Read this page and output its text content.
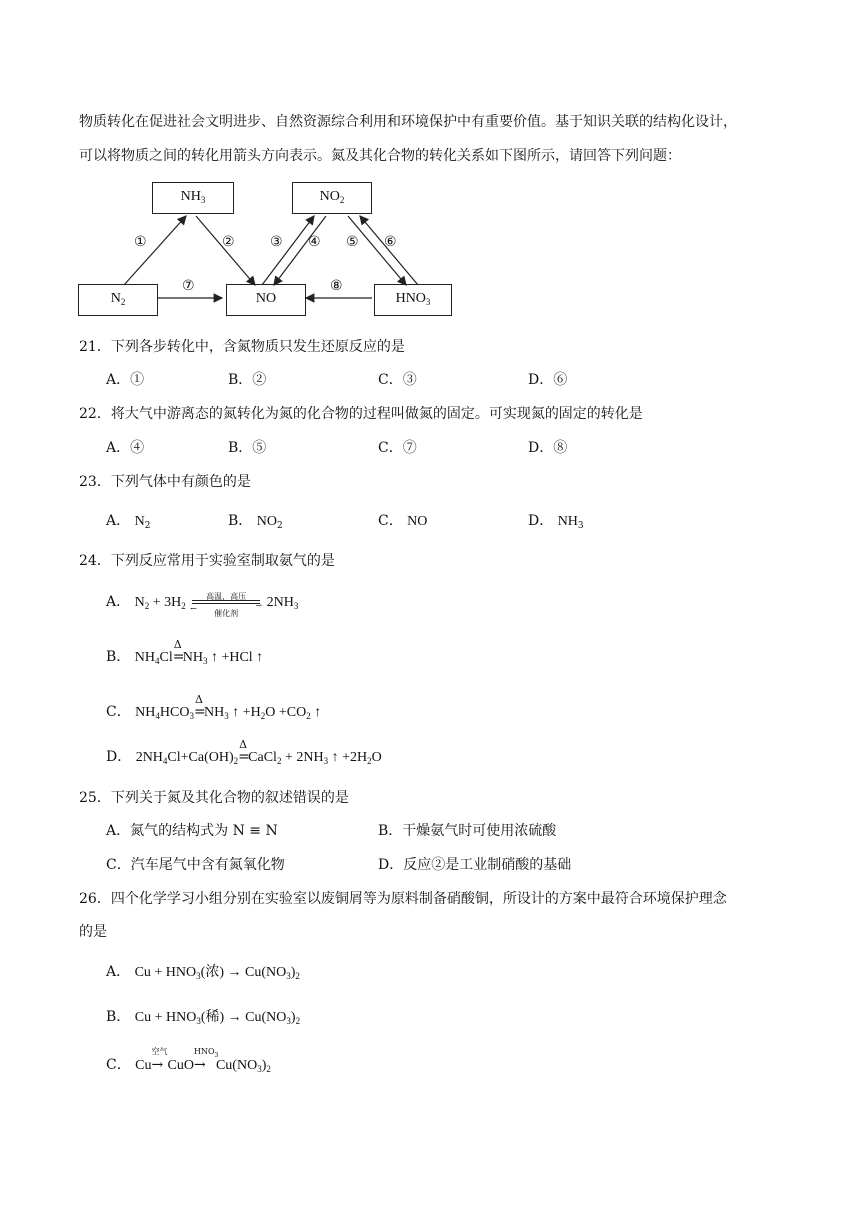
物质转化在促进社会文明进步、自然资源综合利用和环境保护中有重要价值。基于知识关联的结构化设计，
可以将物质之间的转化用箭头方向表示。氮及其化合物的转化关系如下图所示，请回答下列问题：
$NH_3$	$NO_2$
$N_2$	NO	$HNO_3$
①	②	③ ④ ⑤ ⑥
⑦	⑧
21．下列各步转化中，含氮物质只发生还原反应的是
A．①	B．②	C．③	D．⑥
22．将大气中游离态的氮转化为氮的化合物的过程叫做氮的固定。可实现氮的固定的转化是
A．④	B．⑤	C．⑦	D．⑧
23．下列气体中有颜色的是
A． $N_2$	B． $NO_2$	C． NO	D． $NH_3$
24．下列反应常用于实验室制取氨气的是
A． $N_2 + 3H_2$
高温，高压
⇀
↽
催化剂
$2NH_3$
B． $NH_4Cl$
Δ
$=NH_3$ ↑ +HCl ↑
C． $NH_4HCO_3$
Δ
$=NH_3$ ↑ $+H_2O +CO_2$ ↑
D． $2NH_4Cl+Ca(OH)_2$
Δ
=CaCl$_2$ + $2NH_3$ ↑ $+2H_2O$
25．下列关于氮及其化合物的叙述错误的是
A．氮气的结构式为 N ≡ N	B．干燥氨气时可使用浓硫酸
C．汽车尾气中含有氮氧化物	D．反应②是工业制硝酸的基础
26．四个化学学习小组分别在实验室以废铜屑等为原料制备硝酸铜，所设计的方案中最符合环境保护理念
的是
A． $Cu + HNO_3$(浓) → $Cu(NO_3)_2$
B． $Cu + HNO_3$(稀) → $Cu(NO_3)_2$
C． Cu
空气
→ CuO
$HNO_3$
$\to Cu(NO_3)_2$
